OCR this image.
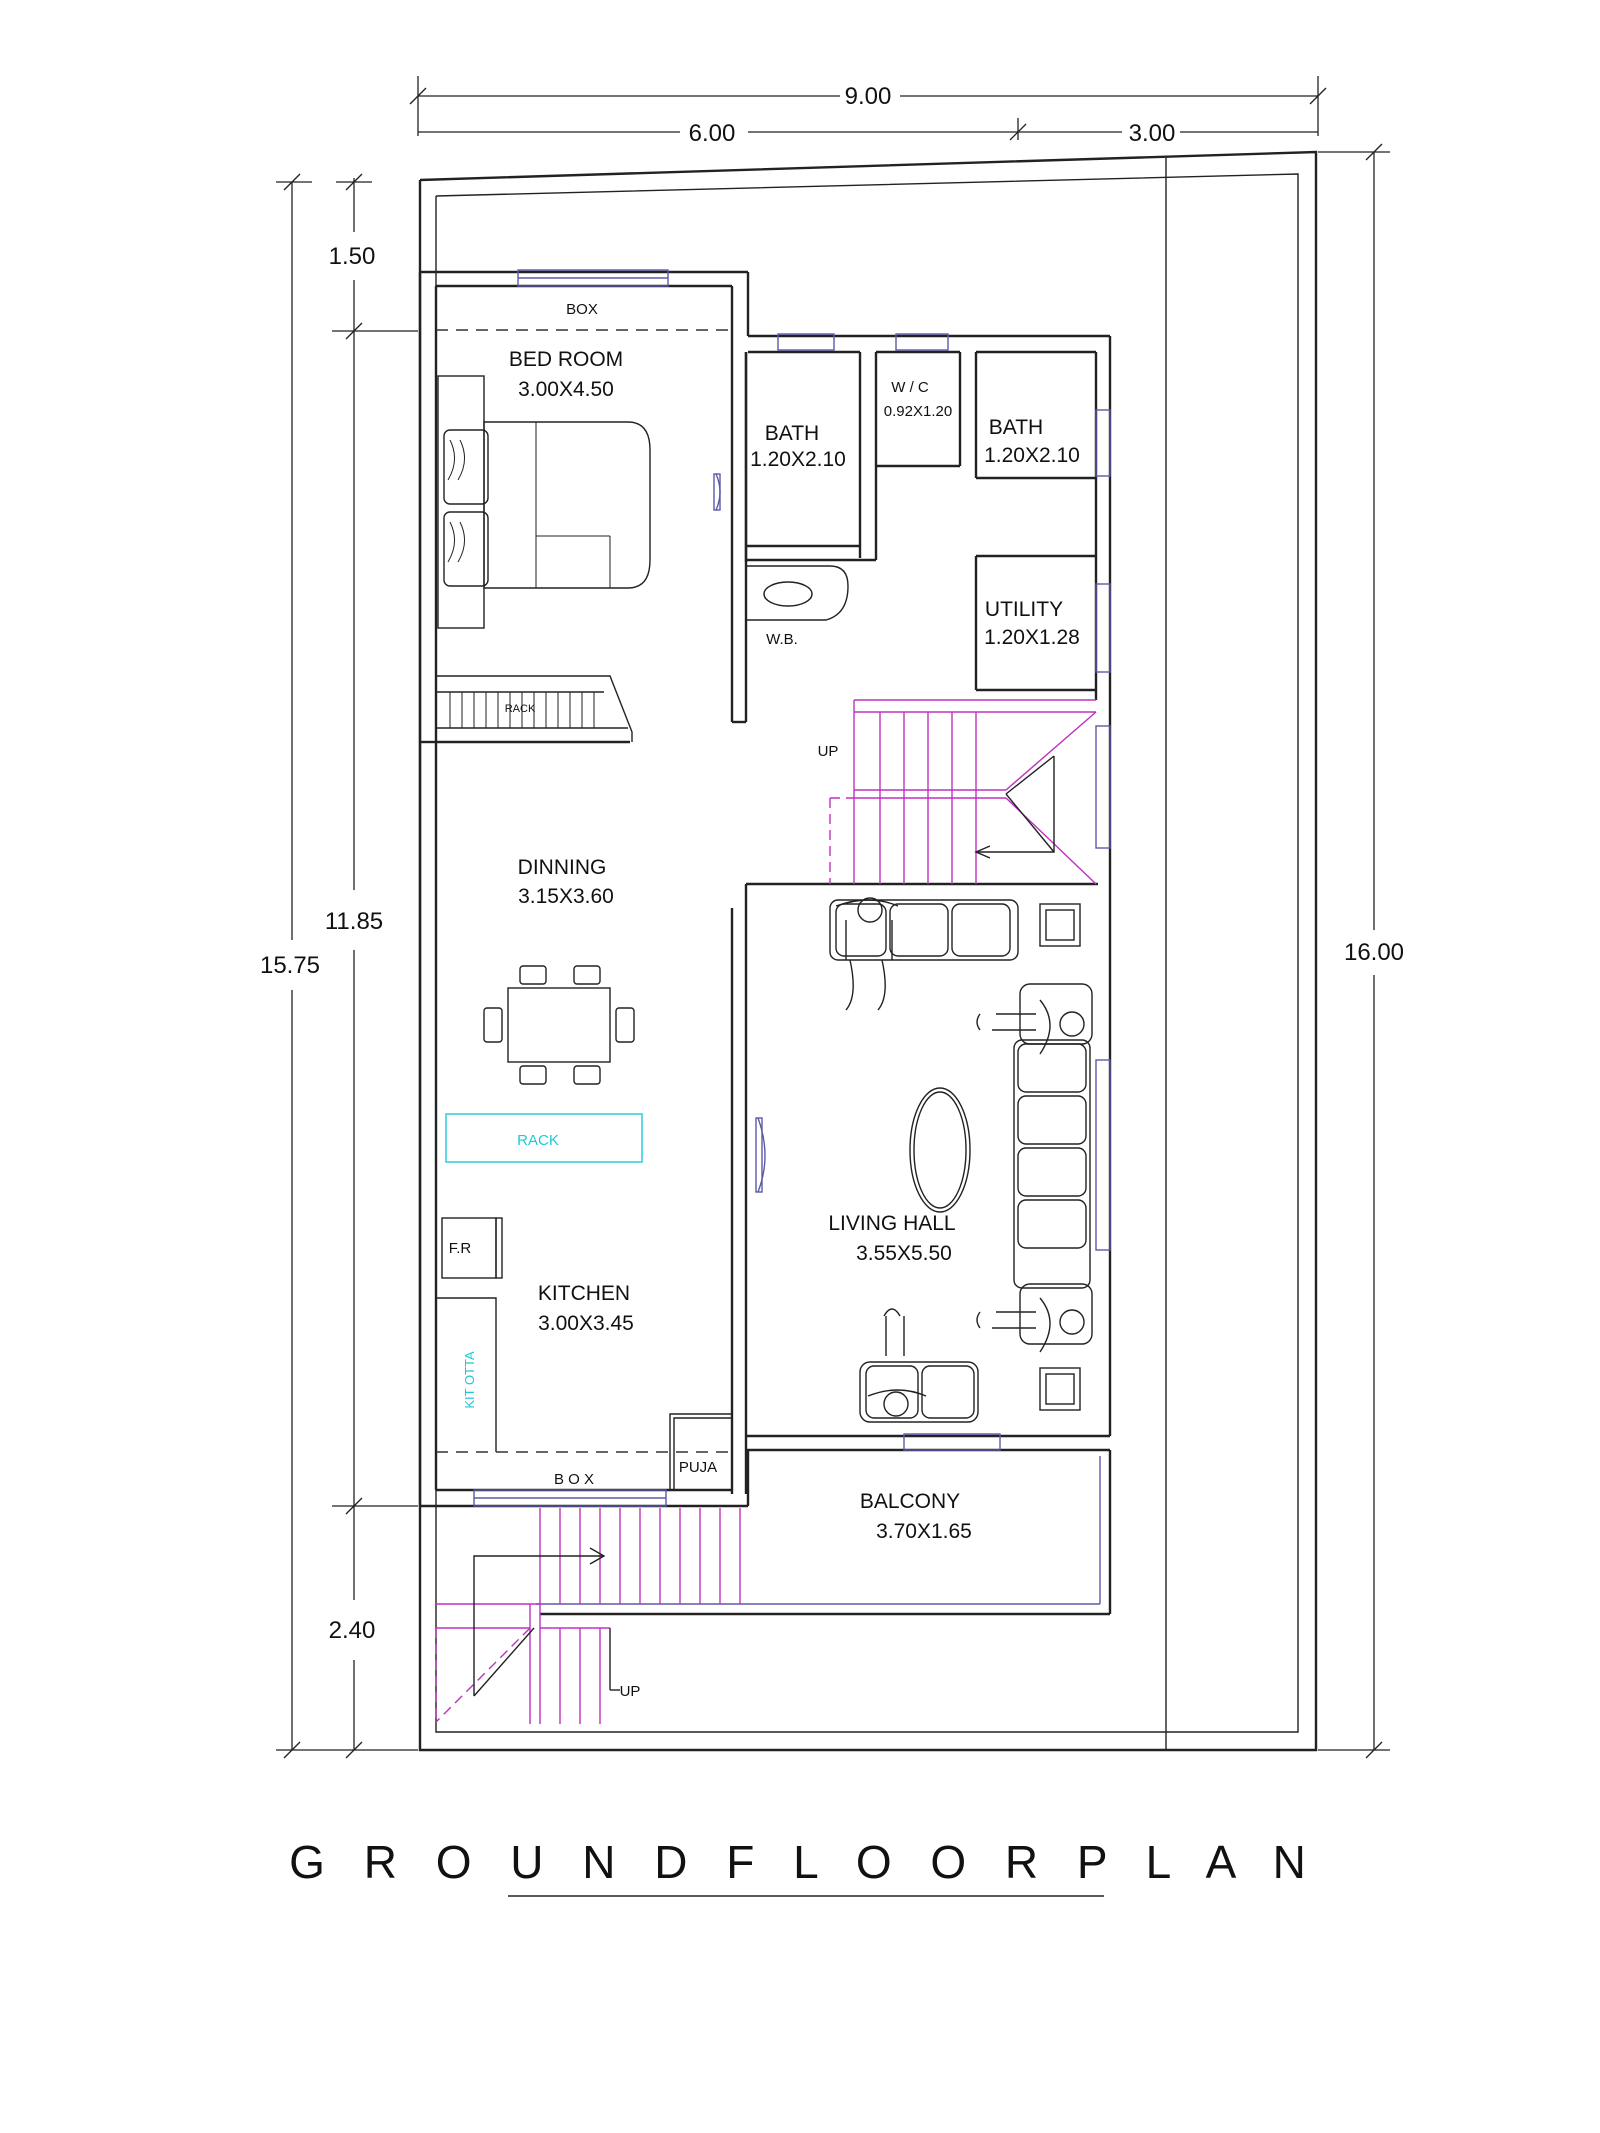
9.00
6.00	3.00
1.50
11.85
2.40
15.75	16.00
BOX
RACK
BED ROOM
3.00X4.50
BATH
1.20X2.10
W / C
0.92X1.20
BATH
1.20X2.10
UTILITY
1.20X1.28
W.B.
UP
DINNING
3.15X3.60
RACK
F.R
KIT OTTA
KITCHEN
3.00X3.45
PUJA
B O X
LIVING HALL
3.55X5.50
BALCONY
3.70X1.65
UP
G R O U N D F L O O R P L A N
